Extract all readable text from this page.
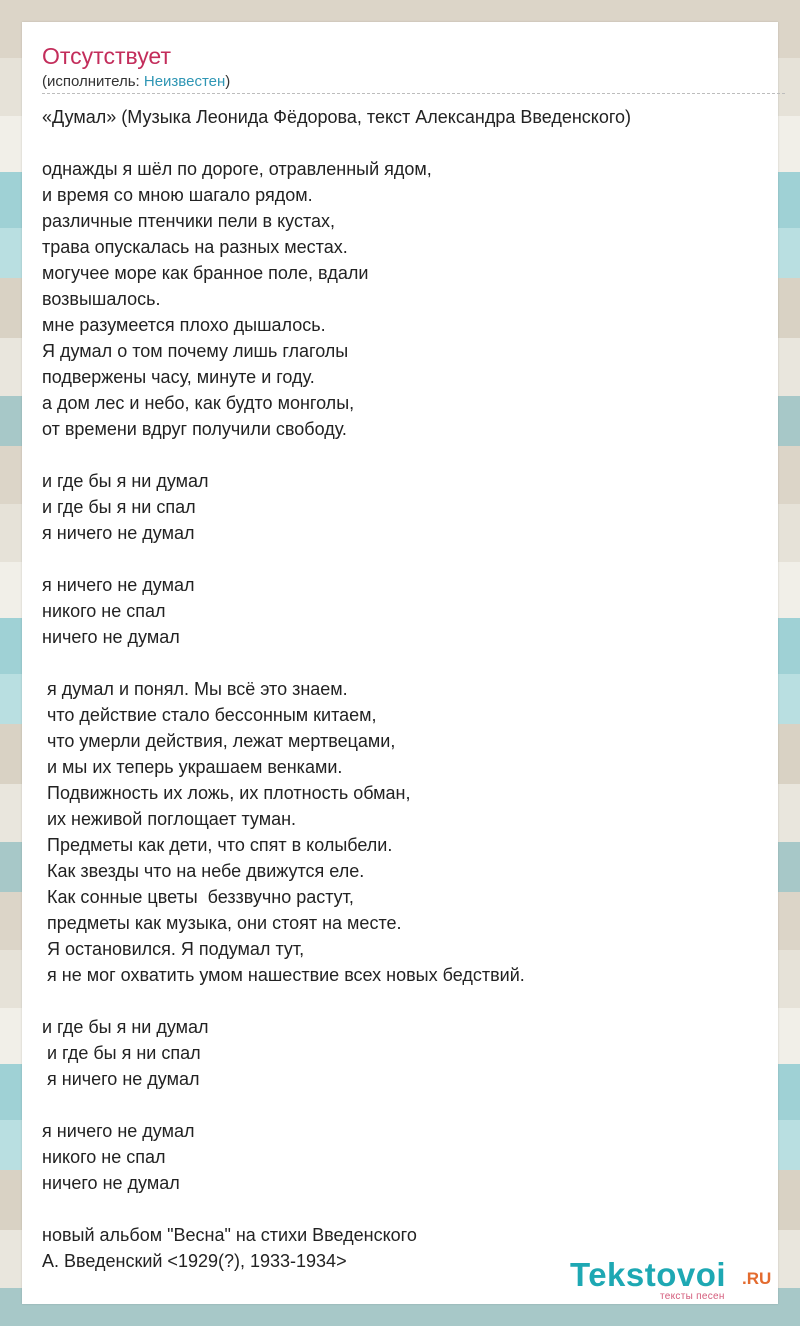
Отсутствует
(исполнитель: Неизвестен)
«Думал» (Музыка Леонида Фёдорова, текст Александра Введенского)
однажды я шёл по дороге, отравленный ядом,
и время со мною шагало рядом.
различные птенчики пели в кустах,
трава опускалась на разных местах.
могучее море как бранное поле, вдали
возвышалось.
мне разумеется плохо дышалось.
Я думал о том почему лишь глаголы
подвержены часу, минуте и году.
а дом лес и небо, как будто монголы,
от времени вдруг получили свободу.
и где бы я ни думал
и где бы я ни спал
я ничего не думал
я ничего не думал
никого не спал
ничего не думал
я думал и понял. Мы всё это знаем.
что действие стало бессонным китаем,
что умерли действия, лежат мертвецами,
и мы их теперь украшаем венками.
Подвижность их ложь, их плотность обман,
их неживой поглощает туман.
Предметы как дети, что спят в колыбели.
Как звезды что на небе движутся еле.
Как сонные цветы  беззвучно растут,
предметы как музыка, они стоят на месте.
Я остановился. Я подумал тут,
я не мог охватить умом нашествие всех новых бедствий.
и где бы я ни думал
и где бы я ни спал
я ничего не думал
я ничего не думал
никого не спал
ничего не думал
новый альбом "Весна" на стихи Введенского
А. Введенский <1929(?), 1933-1934>	Tekstovoi .RU
тексты песен
